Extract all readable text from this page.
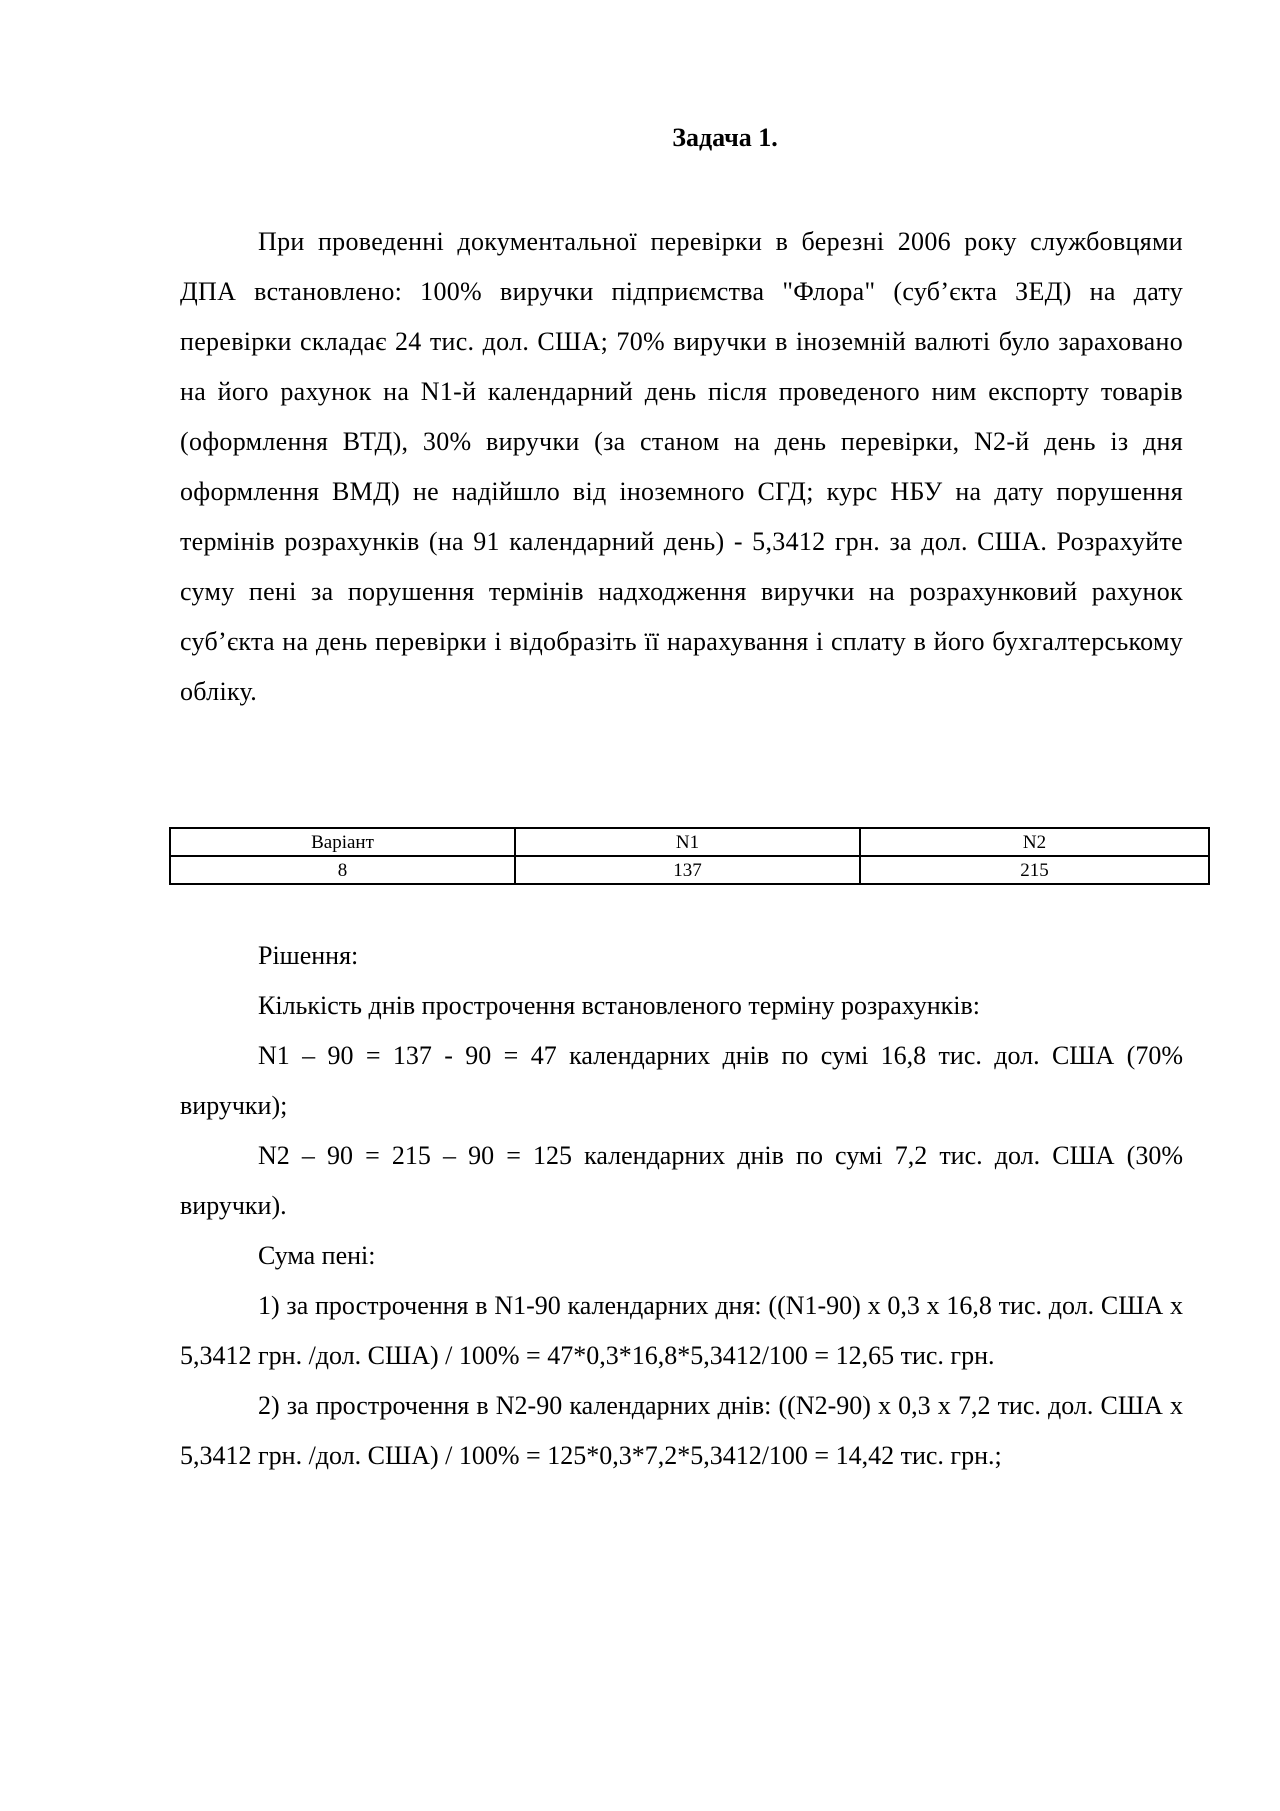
Задача 1.

При проведенні документальної перевірки в березні 2006 року службовцями ДПА встановлено: 100% виручки підприємства "Флора" (суб’єкта ЗЕД) на дату перевірки складає 24 тис. дол. США; 70% виручки в іноземній валюті було зараховано на його рахунок на N1-й календарний день після проведеного ним експорту товарів (оформлення ВТД), 30% виручки (за станом на день перевірки, N2-й день із дня оформлення ВМД) не надійшло від іноземного СГД; курс НБУ на дату порушення термінів розрахунків (на 91 календарний день) - 5,3412 грн. за дол. США. Розрахуйте суму пені за порушення термінів надходження виручки на розрахунковий рахунок суб’єкта на день перевірки і відобразіть її нарахування і сплату в його бухгалтерському обліку.

Варіант	N1	N2
8	137	215

Рішення:

Кількість днів прострочення встановленого терміну розрахунків:

N1 – 90 = 137 - 90 = 47 календарних днів по сумі 16,8 тис. дол. США (70% виручки);

N2 – 90 = 215 – 90 = 125 календарних днів по сумі 7,2 тис. дол. США (30% виручки).

Сума пені:

1) за прострочення в N1-90 календарних дня: ((N1-90) х 0,3 х 16,8 тис. дол. США х 5,3412 грн. /дол. США) / 100% = 47*0,3*16,8*5,3412/100 = 12,65 тис. грн.

2) за прострочення в N2-90 календарних днів: ((N2-90) х 0,3 х 7,2 тис. дол. США х 5,3412 грн. /дол. США) / 100% = 125*0,3*7,2*5,3412/100 = 14,42 тис. грн.;
